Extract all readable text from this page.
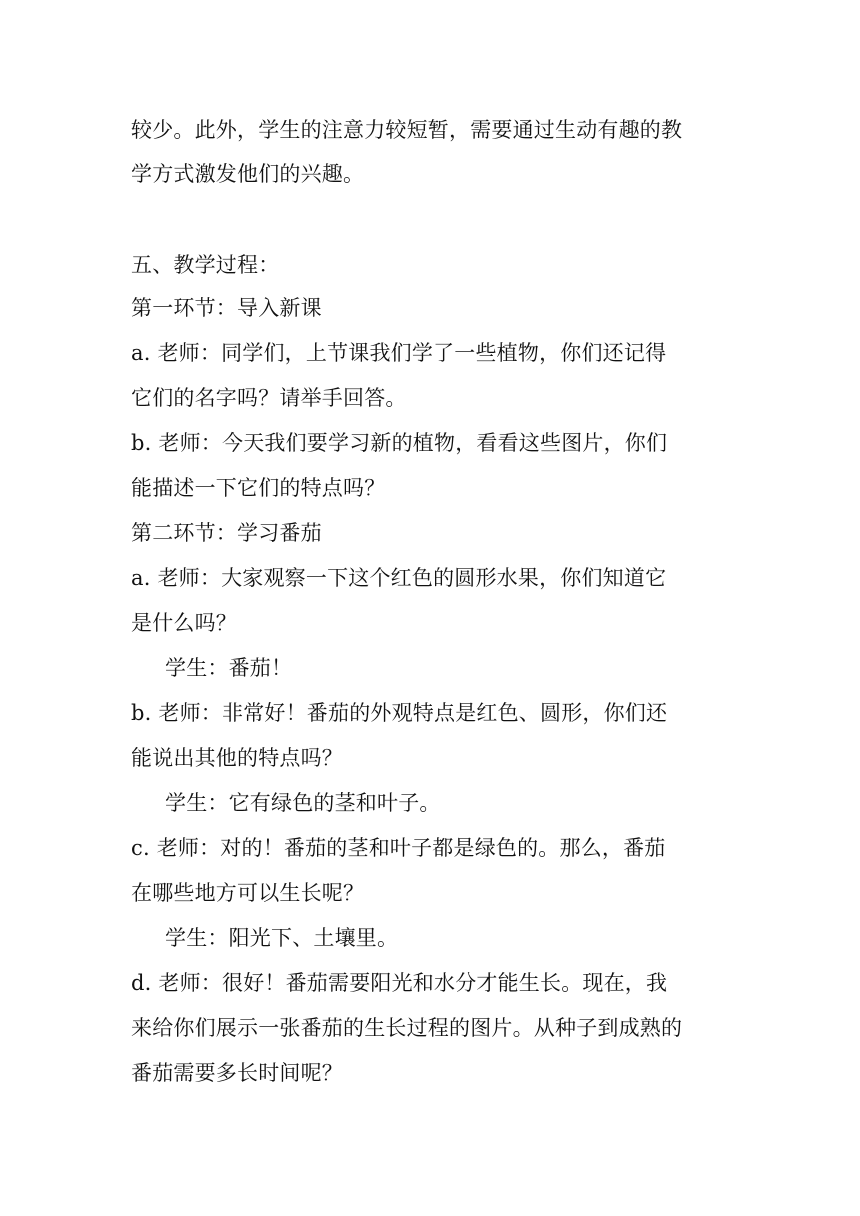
较少。此外，学生的注意力较短暂，需要通过生动有趣的教
学方式激发他们的兴趣。
五、教学过程：
第一环节：导入新课
a. 老师：同学们，上节课我们学了一些植物，你们还记得
它们的名字吗？请举手回答。
b. 老师：今天我们要学习新的植物，看看这些图片，你们
能描述一下它们的特点吗？
第二环节：学习番茄
a. 老师：大家观察一下这个红色的圆形水果，你们知道它
是什么吗？
学生：番茄！
b. 老师：非常好！番茄的外观特点是红色、圆形，你们还
能说出其他的特点吗？
学生：它有绿色的茎和叶子。
c. 老师：对的！番茄的茎和叶子都是绿色的。那么，番茄
在哪些地方可以生长呢？
学生：阳光下、土壤里。
d. 老师：很好！番茄需要阳光和水分才能生长。现在，我
来给你们展示一张番茄的生长过程的图片。从种子到成熟的
番茄需要多长时间呢？
